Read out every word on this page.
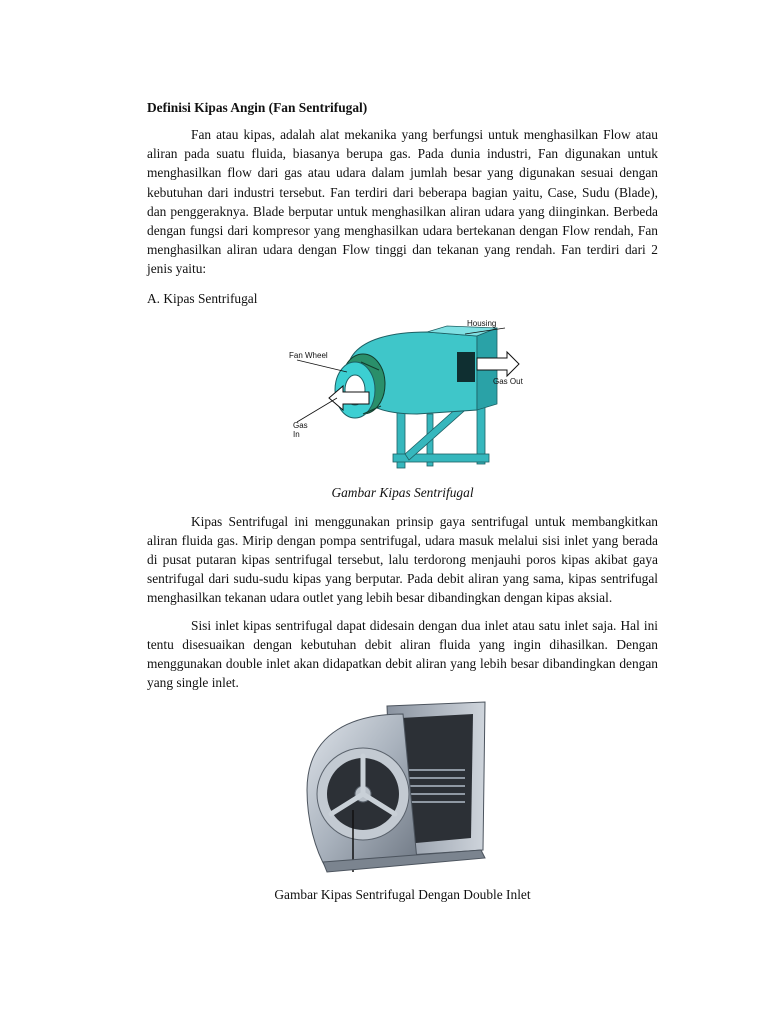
Definisi Kipas Angin (Fan Sentrifugal)

Fan atau kipas, adalah alat mekanika yang berfungsi untuk menghasilkan Flow atau aliran pada suatu fluida, biasanya berupa gas. Pada dunia industri, Fan digunakan untuk menghasilkan flow dari gas atau udara dalam jumlah besar yang digunakan sesuai dengan kebutuhan dari industri tersebut. Fan terdiri dari beberapa bagian yaitu, Case, Sudu (Blade), dan penggeraknya. Blade berputar untuk menghasilkan aliran udara yang diinginkan. Berbeda dengan fungsi dari kompresor yang menghasilkan udara bertekanan dengan Flow rendah, Fan menghasilkan aliran udara dengan Flow tinggi dan tekanan yang rendah. Fan terdiri dari 2 jenis yaitu:

A. Kipas Sentrifugal
Housing
Fan Wheel
Gas Out
Gas
In
Gambar Kipas Sentrifugal

Kipas Sentrifugal ini menggunakan prinsip gaya sentrifugal untuk membangkitkan aliran fluida gas. Mirip dengan pompa sentrifugal, udara masuk melalui sisi inlet yang berada di pusat putaran kipas sentrifugal tersebut, lalu terdorong menjauhi poros kipas akibat gaya sentrifugal dari sudu-sudu kipas yang berputar. Pada debit aliran yang sama, kipas sentrifugal menghasilkan tekanan udara outlet yang lebih besar dibandingkan dengan kipas aksial.

Sisi inlet kipas sentrifugal dapat didesain dengan dua inlet atau satu inlet saja. Hal ini tentu disesuaikan dengan kebutuhan debit aliran fluida yang ingin dihasilkan. Dengan menggunakan double inlet akan didapatkan debit aliran yang lebih besar dibandingkan dengan yang single inlet.

Gambar Kipas Sentrifugal Dengan Double Inlet
